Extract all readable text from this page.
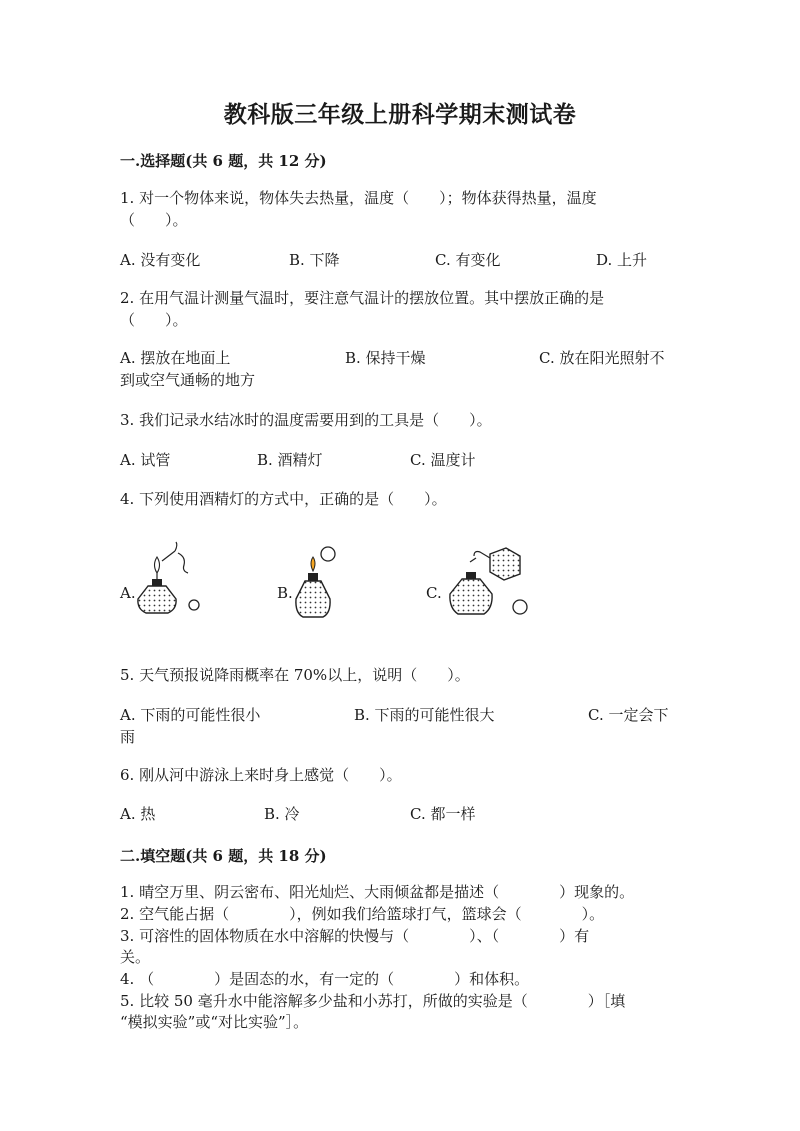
教科版三年级上册科学期末测试卷
一.选择题(共 6 题，共 12 分)
1. 对一个物体来说，物体失去热量，温度（　　）；物体获得热量，温度
（　　）。
A. 没有变化	B. 下降	C. 有变化	D. 上升
2. 在用气温计测量气温时，要注意气温计的摆放位置。其中摆放正确的是
（　　）。
A. 摆放在地面上	B. 保持干燥	C. 放在阳光照射不
到或空气通畅的地方
3. 我们记录水结冰时的温度需要用到的工具是（　　）。
A. 试管	B. 酒精灯	C. 温度计
4. 下列使用酒精灯的方式中，正确的是（　　）。
A.	B.	C.
5. 天气预报说降雨概率在 70%以上，说明（　　）。
A. 下雨的可能性很小	B. 下雨的可能性很大	C. 一定会下
雨
6. 刚从河中游泳上来时身上感觉（　　）。
A. 热	B. 冷	C. 都一样
二.填空题(共 6 题，共 18 分)
1. 晴空万里、阴云密布、阳光灿烂、大雨倾盆都是描述（　　　　）现象的。
2. 空气能占据（　　　　），例如我们给篮球打气，篮球会（　　　　）。
3. 可溶性的固体物质在水中溶解的快慢与（　　　　）、（　　　　）有
关。
4. （　　　　）是固态的水，有一定的（　　　　）和体积。
5. 比较 50 毫升水中能溶解多少盐和小苏打，所做的实验是（　　　　）［填
“模拟实验”或“对比实验”］。
